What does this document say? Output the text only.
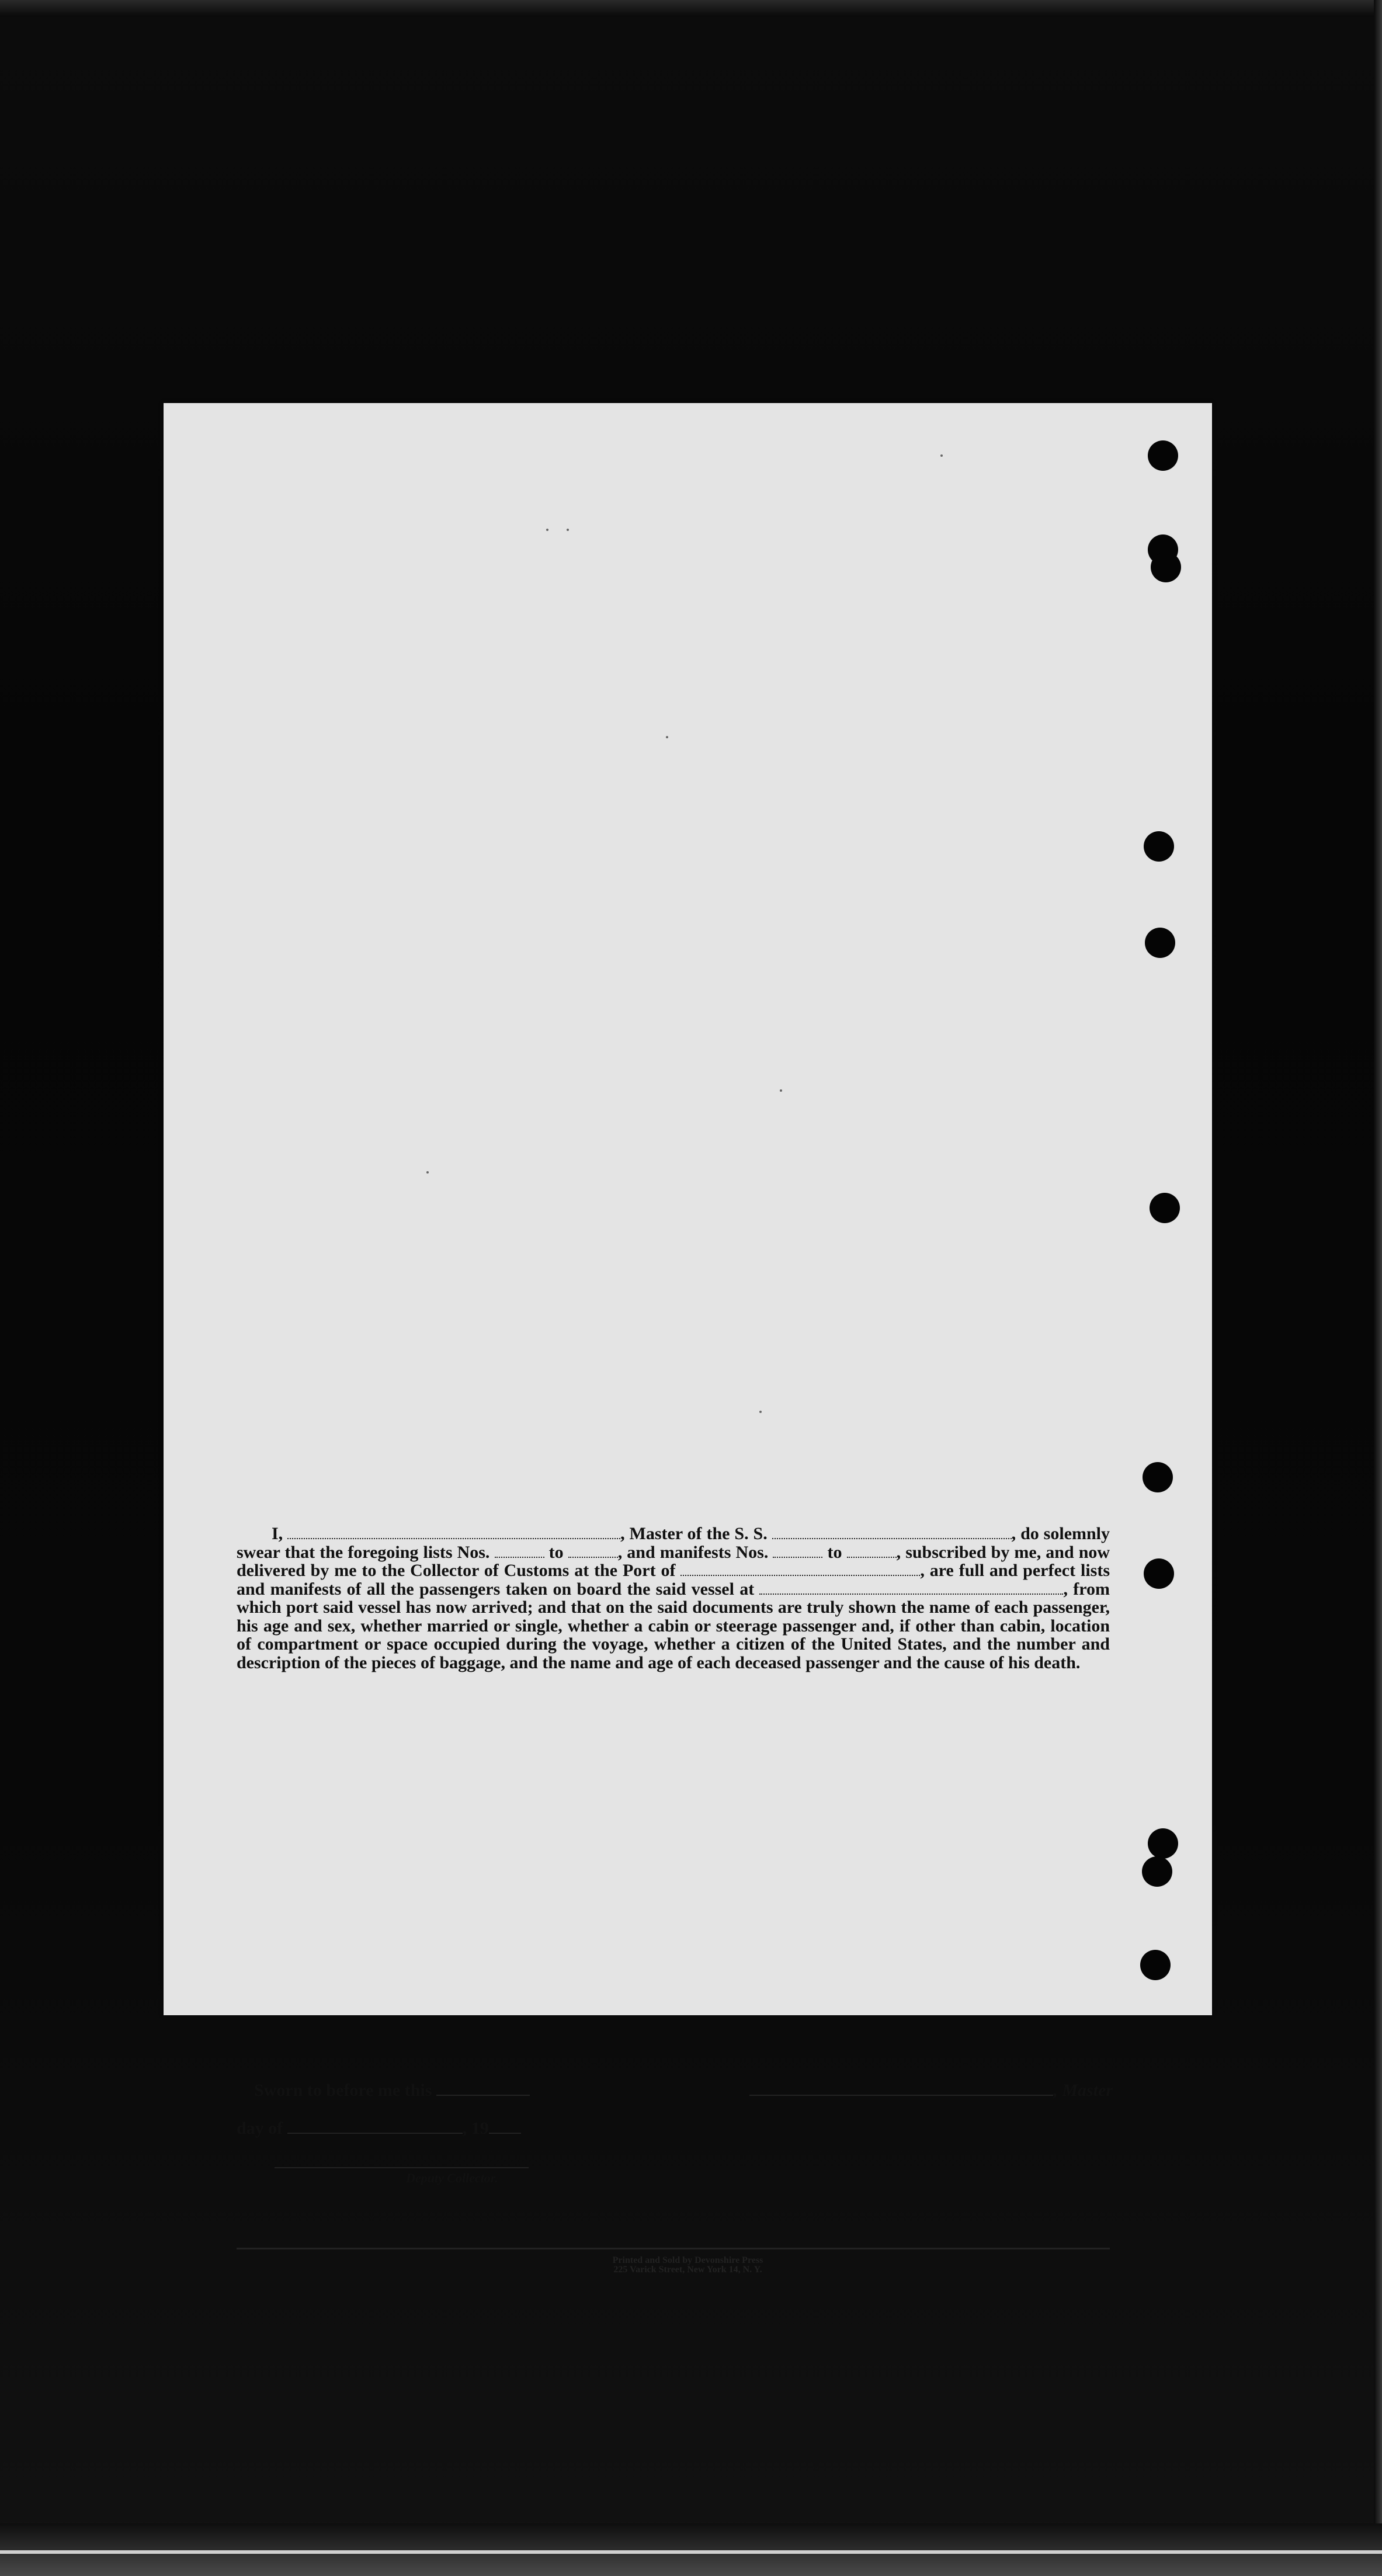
I,	, Master of the S. S.	, do solemnly swear that the foregoing lists Nos.	to	, and manifests Nos.	to	, subscribed by me, and now delivered by me to the Collector of Customs at the Port of	, are full and perfect lists and manifests of all the passengers taken on board the said vessel at	, from which port said vessel has now arrived; and that on the said documents are truly shown the name of each passenger, his age and sex, whether married or single, whether a cabin or steerage passenger and, if other than cabin, location of compartment or space occupied during the voyage, whether a citizen of the United States, and the number and description of the pieces of baggage, and the name and age of each deceased passenger and the cause of his death.

Sworn to before me this	, Master
day of	, 19
Deputy Collector.
Printed and Sold by Devonshire Press
225 Varick Street, New York 14, N. Y.
